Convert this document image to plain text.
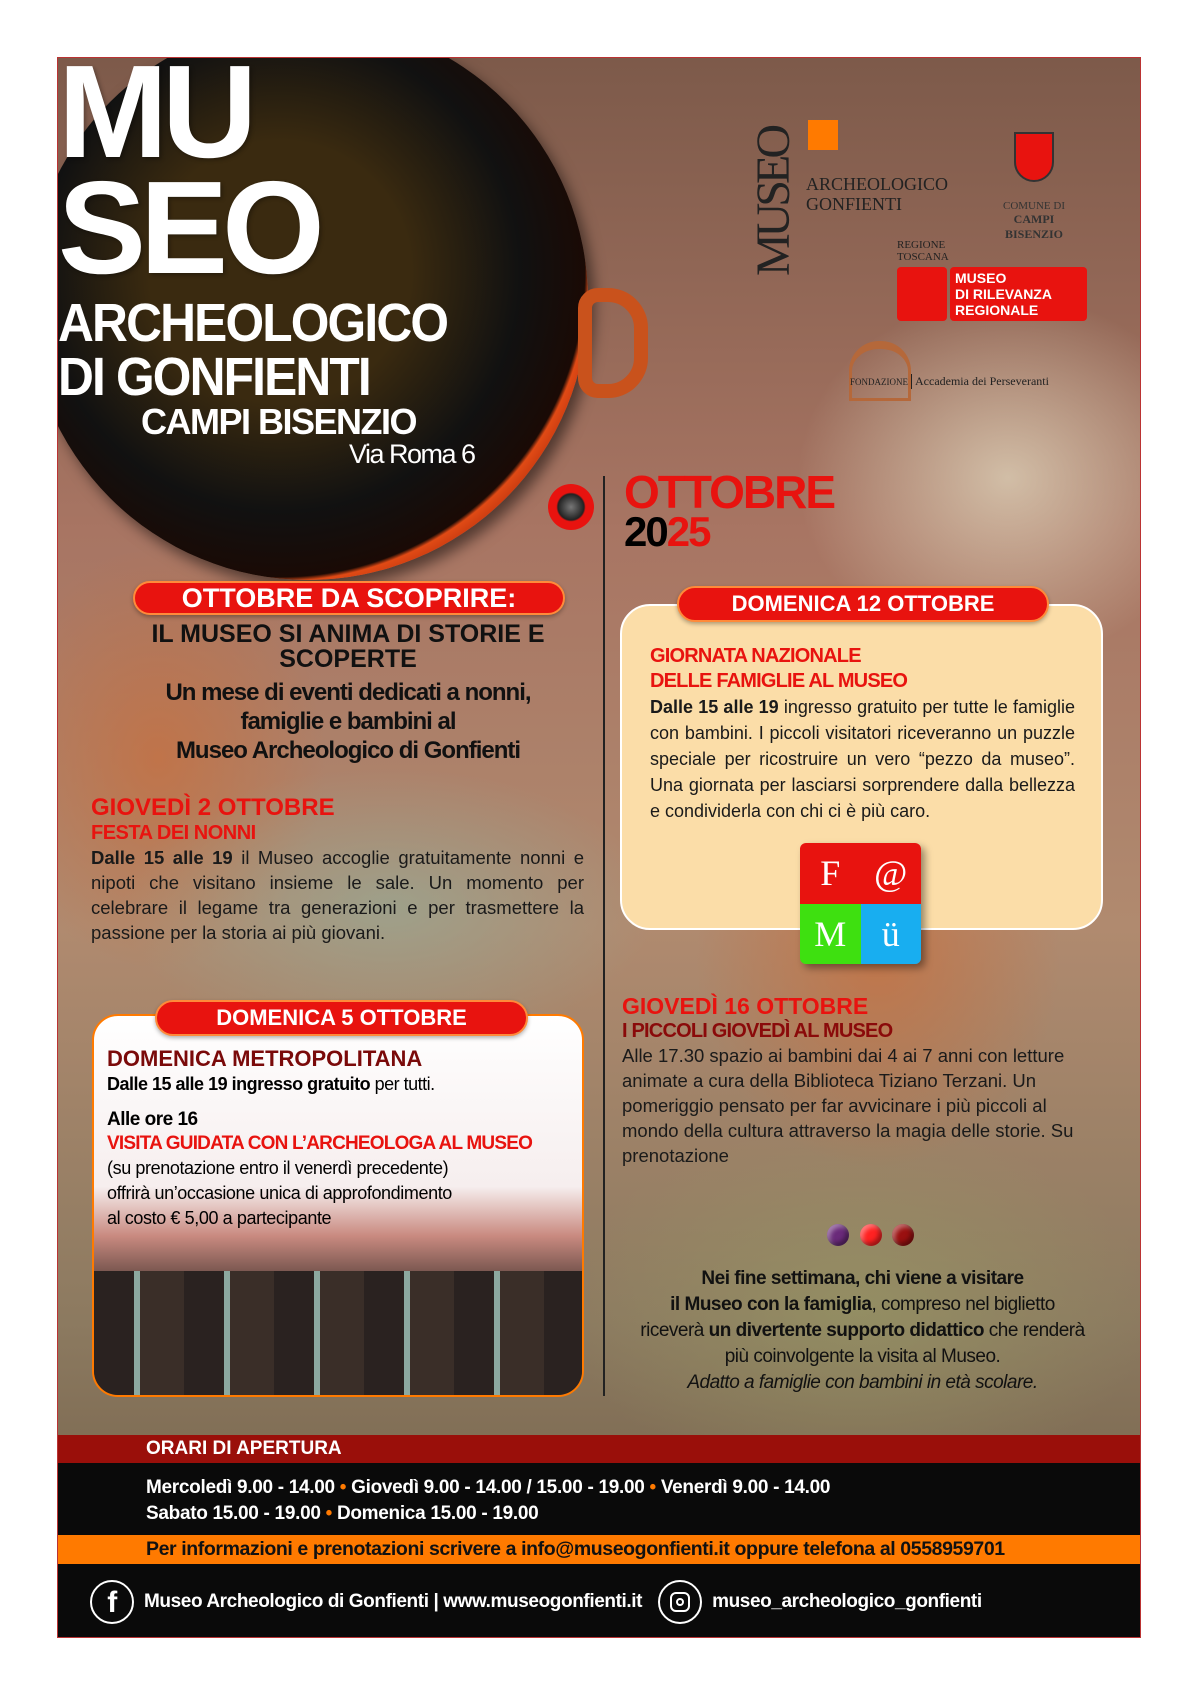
MU
SEO
ARCHEOLOGICO
DI GONFIENTI
CAMPI BISENZIO
Via Roma 6
MUSEO ARCHEOLOGICO
GONFIENTI	COMUNE DI
CAMPI BISENZIO
REGIONE
TOSCANA
MUSEO
DI RILEVANZA
REGIONALE
FONDAZIONE Accademia dei Perseveranti
OTTOBRE
2025
OTTOBRE DA SCOPRIRE:
IL MUSEO SI ANIMA DI STORIE E SCOPERTE
Un mese di eventi dedicati a nonni,
famiglie e bambini al
Museo Archeologico di Gonfienti
GIOVEDÌ 2 OTTOBRE
FESTA DEI NONNI
Dalle 15 alle 19 il Museo accoglie gratuitamente nonni e nipoti che visitano insieme le sale. Un momento per celebrare il legame tra generazioni e per trasmettere la passione per la storia ai più giovani.
DOMENICA METROPOLITANA
Dalle 15 alle 19 ingresso gratuito per tutti.
Alle ore 16
VISITA GUIDATA CON L’ARCHEOLOGA AL MUSEO
(su prenotazione entro il venerdì precedente)
offrirà un’occasione unica di approfondimento
al costo € 5,00 a partecipante
DOMENICA 5 OTTOBRE
GIORNATA NAZIONALE
DELLE FAMIGLIE AL MUSEO
Dalle 15 alle 19 ingresso gratuito per tutte le famiglie con bambini. I piccoli visitatori riceveranno un puzzle speciale per ricostruire un vero “pezzo da museo”. Una giornata per lasciarsi sorprendere dalla bellezza e condividerla con chi ci è più caro.
DOMENICA 12 OTTOBRE
F @
M ü
GIOVEDÌ 16 OTTOBRE
I PICCOLI GIOVEDÌ AL MUSEO
Alle 17.30 spazio ai bambini dai 4 ai 7 anni con letture animate a cura della Biblioteca Tiziano Terzani. Un pomeriggio pensato per far avvicinare i più piccoli al mondo della cultura attraverso la magia delle storie. Su prenotazione
Nei fine settimana, chi viene a visitare
il Museo con la famiglia, compreso nel biglietto
riceverà un divertente supporto didattico che renderà
più coinvolgente la visita al Museo.
Adatto a famiglie con bambini in età scolare.
ORARI DI APERTURA
Mercoledì 9.00 - 14.00 • Giovedì 9.00 - 14.00 / 15.00 - 19.00 • Venerdì 9.00 - 14.00
Sabato 15.00 - 19.00 • Domenica 15.00 - 19.00
Per informazioni e prenotazioni scrivere a info@museogonfienti.it oppure telefona al 0558959701
f	Museo Archeologico di Gonfienti | www.museogonfienti.it	museo_archeologico_gonfienti
